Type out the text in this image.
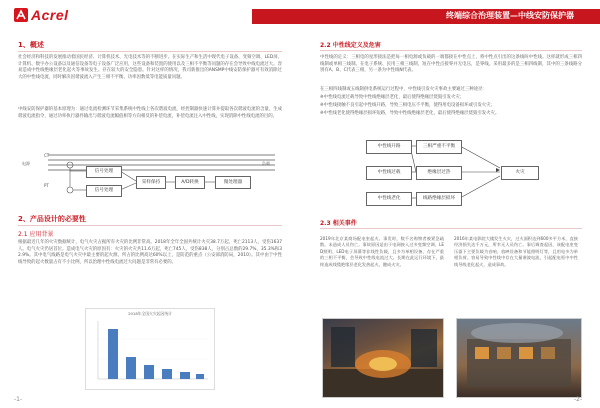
Acrel
1、概述
社会经济和科技的发展推动着国民经济、计算机技术、光电技术等的不断进步。在实际生产和生活中现代电子设备、变频空调、LED屏、计算机、数字办公设备以及通信设备等电子设备广泛应用，这些设备和装置的使用以及三相不平衡等问题的存在会导致中线电流过大。容易造成中性线绝缘层老化起火等事故发生。存在较大的安全隐患。针对这样的情况，我司新推出的ANSMP中线安防保护器可有效消除过大的中性线电流，同时解决因谐波流入产生三相不平衡、功率因数低等电能质量问题。
中线安防保护器的基本原理为：通过电流检测环节采集系统中性线上各次谐波电流，经控制器快速计算并提取各次谐波电流的含量，生成谐波电流指令，通过功率执行器件输出与谐波电流幅值相等方向相反的补偿电流，补偿电流注入中性线，实现消除中性线电流的目的。
CT
PT
电源	负载
信号处理
信号处理
采样保持	A/D转换	微处理器
2、产品设计的必要性
2.1 应用背景
根据最近几年的火灾数据统计，电气火灾占据所有火灾的比例非常高。2018年全年全国共统计火灾38.7万起，死亡2113人，受伤1637人。电气火灾仍居首位。造成电气火灾的原因有：火灾的火灾共11.6万起，死亡745人，受伤838人，分别占总数的29.7%，35.3%和32.9%。其中电气线路是电气火灾中最主要的起火源，所占的比例高达60%以上，是防范的重点（公安部消防局，2010）。其中由于中性线导致的起火数量占有不小比例，所以治理中性线电流过大问题是非常有必要的。
2018年全国火灾起因统计
-1-
2.2 中性线定义及危害
中性线的定义：三相电的星形接法是把每一相电源或负载的一端都接在中性点上，将中性点引出的这条线叫中性线。这样就形成三相四线制或单相三线制。在电子系统、民用三相三线制，短在中性点接零并无电压，是零线。采用最多的是三相四线制，其中的三条线路分别有A、B、C代表三相，另一条为中性线N代表。
在三相四线制或五线制供电系统运行过程中，中性线引发火灾事故主要通过三种途径：
※中性线电流过载导致中性线绝缘层老化，最后使得绝缘层烧毁引发火灾；
※中性线接触不良引起中性线开路，导致三相电压不平衡，使得用电设备损坏或引发火灾；
※中性线老化使得绝缘层损坏短路，导致中性线绝缘层老化，最后使得绝缘层烧毁引发火灾。
中性线开路
中性线过载
中性线老化
三相严重不平衡
绝缘层过热
线路绝缘层损坏
火灾
2.3 相关事件
2019年北京某商场配电室起火。事发时，数千名购物者被紧急疏散。未造成人员伤亡。事故原因是由于电网接入过多变频空调、LED照明、LED电子屏幕等非线性负载，且多为单相设备，存在严重的三相不平衡，会导致中性线电流过大。长期在此运行环境下，最终造成线缆绝缘层老化发热起火，酿成火灾。
2016年某电影院大楼发生火灾，过火面积达到600多平方米，直接经济损失达千万元，所幸无人员伤亡。事后调查起因，该配电室变压器下主要负载为音响、放映设备和节能照明灯等，且用电多为单相负荷。容易导致中性线中存在大量谐波电流，引起配电柜中中性线导线老化起火，造成事故。
-2-
终端综合治理装置—中线安防保护器
